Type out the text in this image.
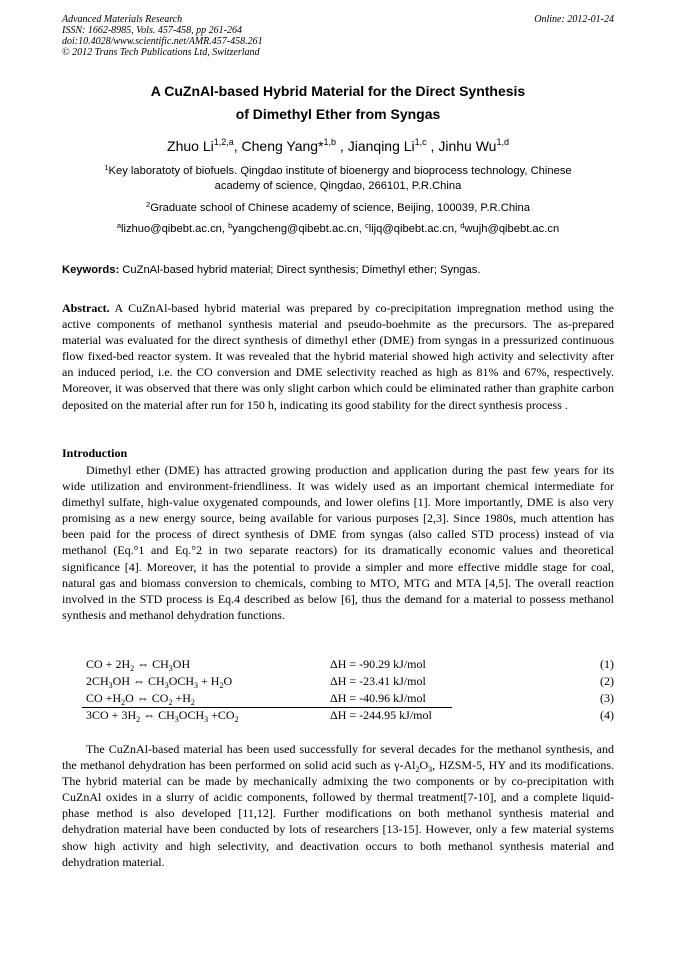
Advanced Materials Research
ISSN: 1662-8985, Vols. 457-458, pp 261-264
doi:10.4028/www.scientific.net/AMR.457-458.261
© 2012 Trans Tech Publications Ltd, Switzerland
Online: 2012-01-24
A CuZnAl-based Hybrid Material for the Direct Synthesis
of Dimethyl Ether from Syngas
Zhuo Li$^{1,2,a}$, Cheng Yang*$^{1,b}$ , Jianqing Li$^{1,c}$ , Jinhu Wu$^{1,d}$
$^1$Key laboratoty of biofuels. Qingdao institute of bioenergy and bioprocess technology, Chinese
academy of science, Qingdao, 266101, P.R.China
$^2$Graduate school of Chinese academy of science, Beijing, 100039, P.R.China
$^a$lizhuo@qibebt.ac.cn, $^b$yangcheng@qibebt.ac.cn, $^c$lijq@qibebt.ac.cn, $^d$wujh@qibebt.ac.cn
Keywords: CuZnAl-based hybrid material; Direct synthesis; Dimethyl ether; Syngas.
Abstract. A CuZnAl-based hybrid material was prepared by co-precipitation impregnation method using the active components of methanol synthesis material and pseudo-boehmite as the precursors. The as-prepared material was evaluated for the direct synthesis of dimethyl ether (DME) from syngas in a pressurized continuous flow fixed-bed reactor system. It was revealed that the hybrid material showed high activity and selectivity after an induced period, i.e. the CO conversion and DME selectivity reached as high as 81% and 67%, respectively. Moreover, it was observed that there was only slight carbon which could be eliminated rather than graphite carbon deposited on the material after run for 150 h, indicating its good stability for the direct synthesis process .
Introduction
Dimethyl ether (DME) has attracted growing production and application during the past few years for its wide utilization and environment-friendliness. It was widely used as an important chemical intermediate for dimethyl sulfate, high-value oxygenated compounds, and lower olefins [1]. More importantly, DME is also very promising as a new energy source, being available for various purposes [2,3]. Since 1980s, much attention has been paid for the process of direct synthesis of DME from syngas (also called STD process) instead of via methanol (Eq.°1 and Eq.°2 in two separate reactors) for its dramatically economic values and theoretical significance [4]. Moreover, it has the potential to provide a simpler and more effective middle stage for coal, natural gas and biomass conversion to chemicals, combing to MTO, MTG and MTA [4,5]. The overall reaction involved in the STD process is Eq.4 described as below [6], thus the demand for a material to possess methanol synthesis and methanol dehydration functions.
CO + $2H_2$ ⇔ $CH_3OH$	ΔH = -90.29 kJ/mol	(1)
$2CH_3OH$ ⇔ $CH_3OCH_3 + H_2O$	ΔH = -23.41 kJ/mol	(2)
CO $+H_2O$ ⇔ $CO_2 +H_2$	ΔH = -40.96 kJ/mol	(3)
$3CO + 3H_2$ ⇔ $CH_3OCH_3 +CO_2$	ΔH = -244.95 kJ/mol	(4)
The CuZnAl-based material has been used successfully for several decades for the methanol synthesis, and the methanol dehydration has been performed on solid acid such as $\gamma-Al_2O_3$, HZSM-5, HY and its modifications. The hybrid material can be made by mechanically admixing the two components or by co-precipitation with CuZnAl oxides in a slurry of acidic components, followed by thermal treatment[7-10], and a complete liquid-phase method is also developed [11,12]. Further modifications on both methanol synthesis material and dehydration material have been conducted by lots of researchers [13-15]. However, only a few material systems show high activity and high selectivity, and deactivation occurs to both methanol synthesis material and dehydration material.
